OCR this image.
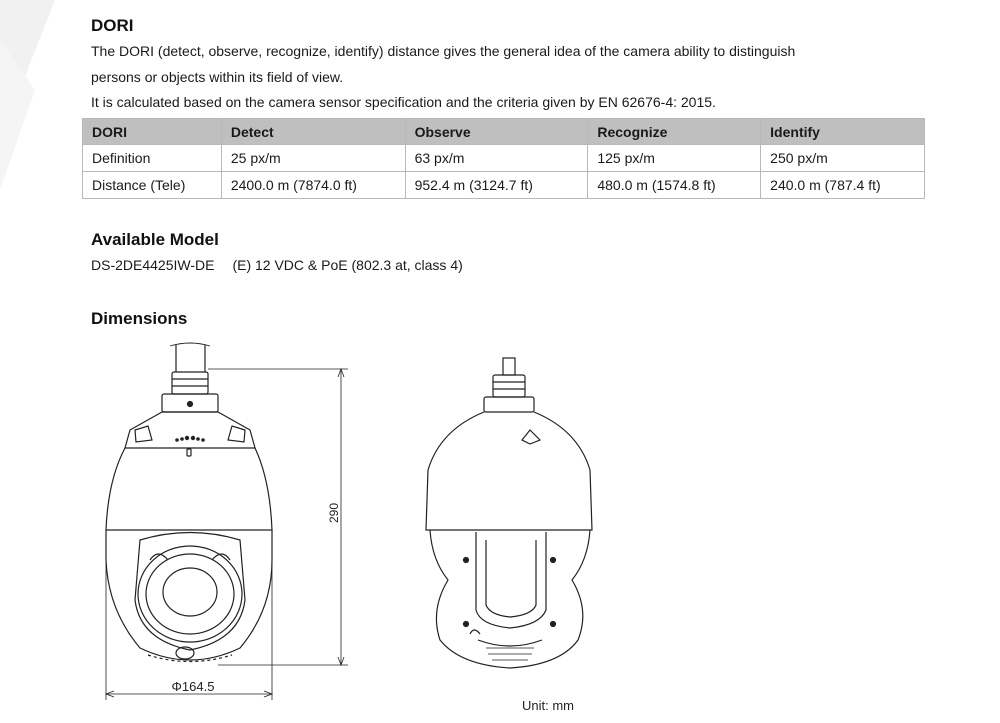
DORI

The DORI (detect, observe, recognize, identify) distance gives the general idea of the camera ability to distinguish

persons or objects within its field of view.

It is calculated based on the camera sensor specification and the criteria given by EN 62676-4: 2015.

DORI	Detect	Observe	Recognize	Identify
Definition	25 px/m	63 px/m	125 px/m	250 px/m
Distance (Tele)	2400.0 m (7874.0 ft)	952.4 m (3124.7 ft)	480.0 m (1574.8 ft)	240.0 m (787.4 ft)
Available Model
DS-2DE4425IW-DE (E) 12 VDC & PoE (802.3 at, class 4)
Dimensions
290
Φ164.5
Unit: mm
